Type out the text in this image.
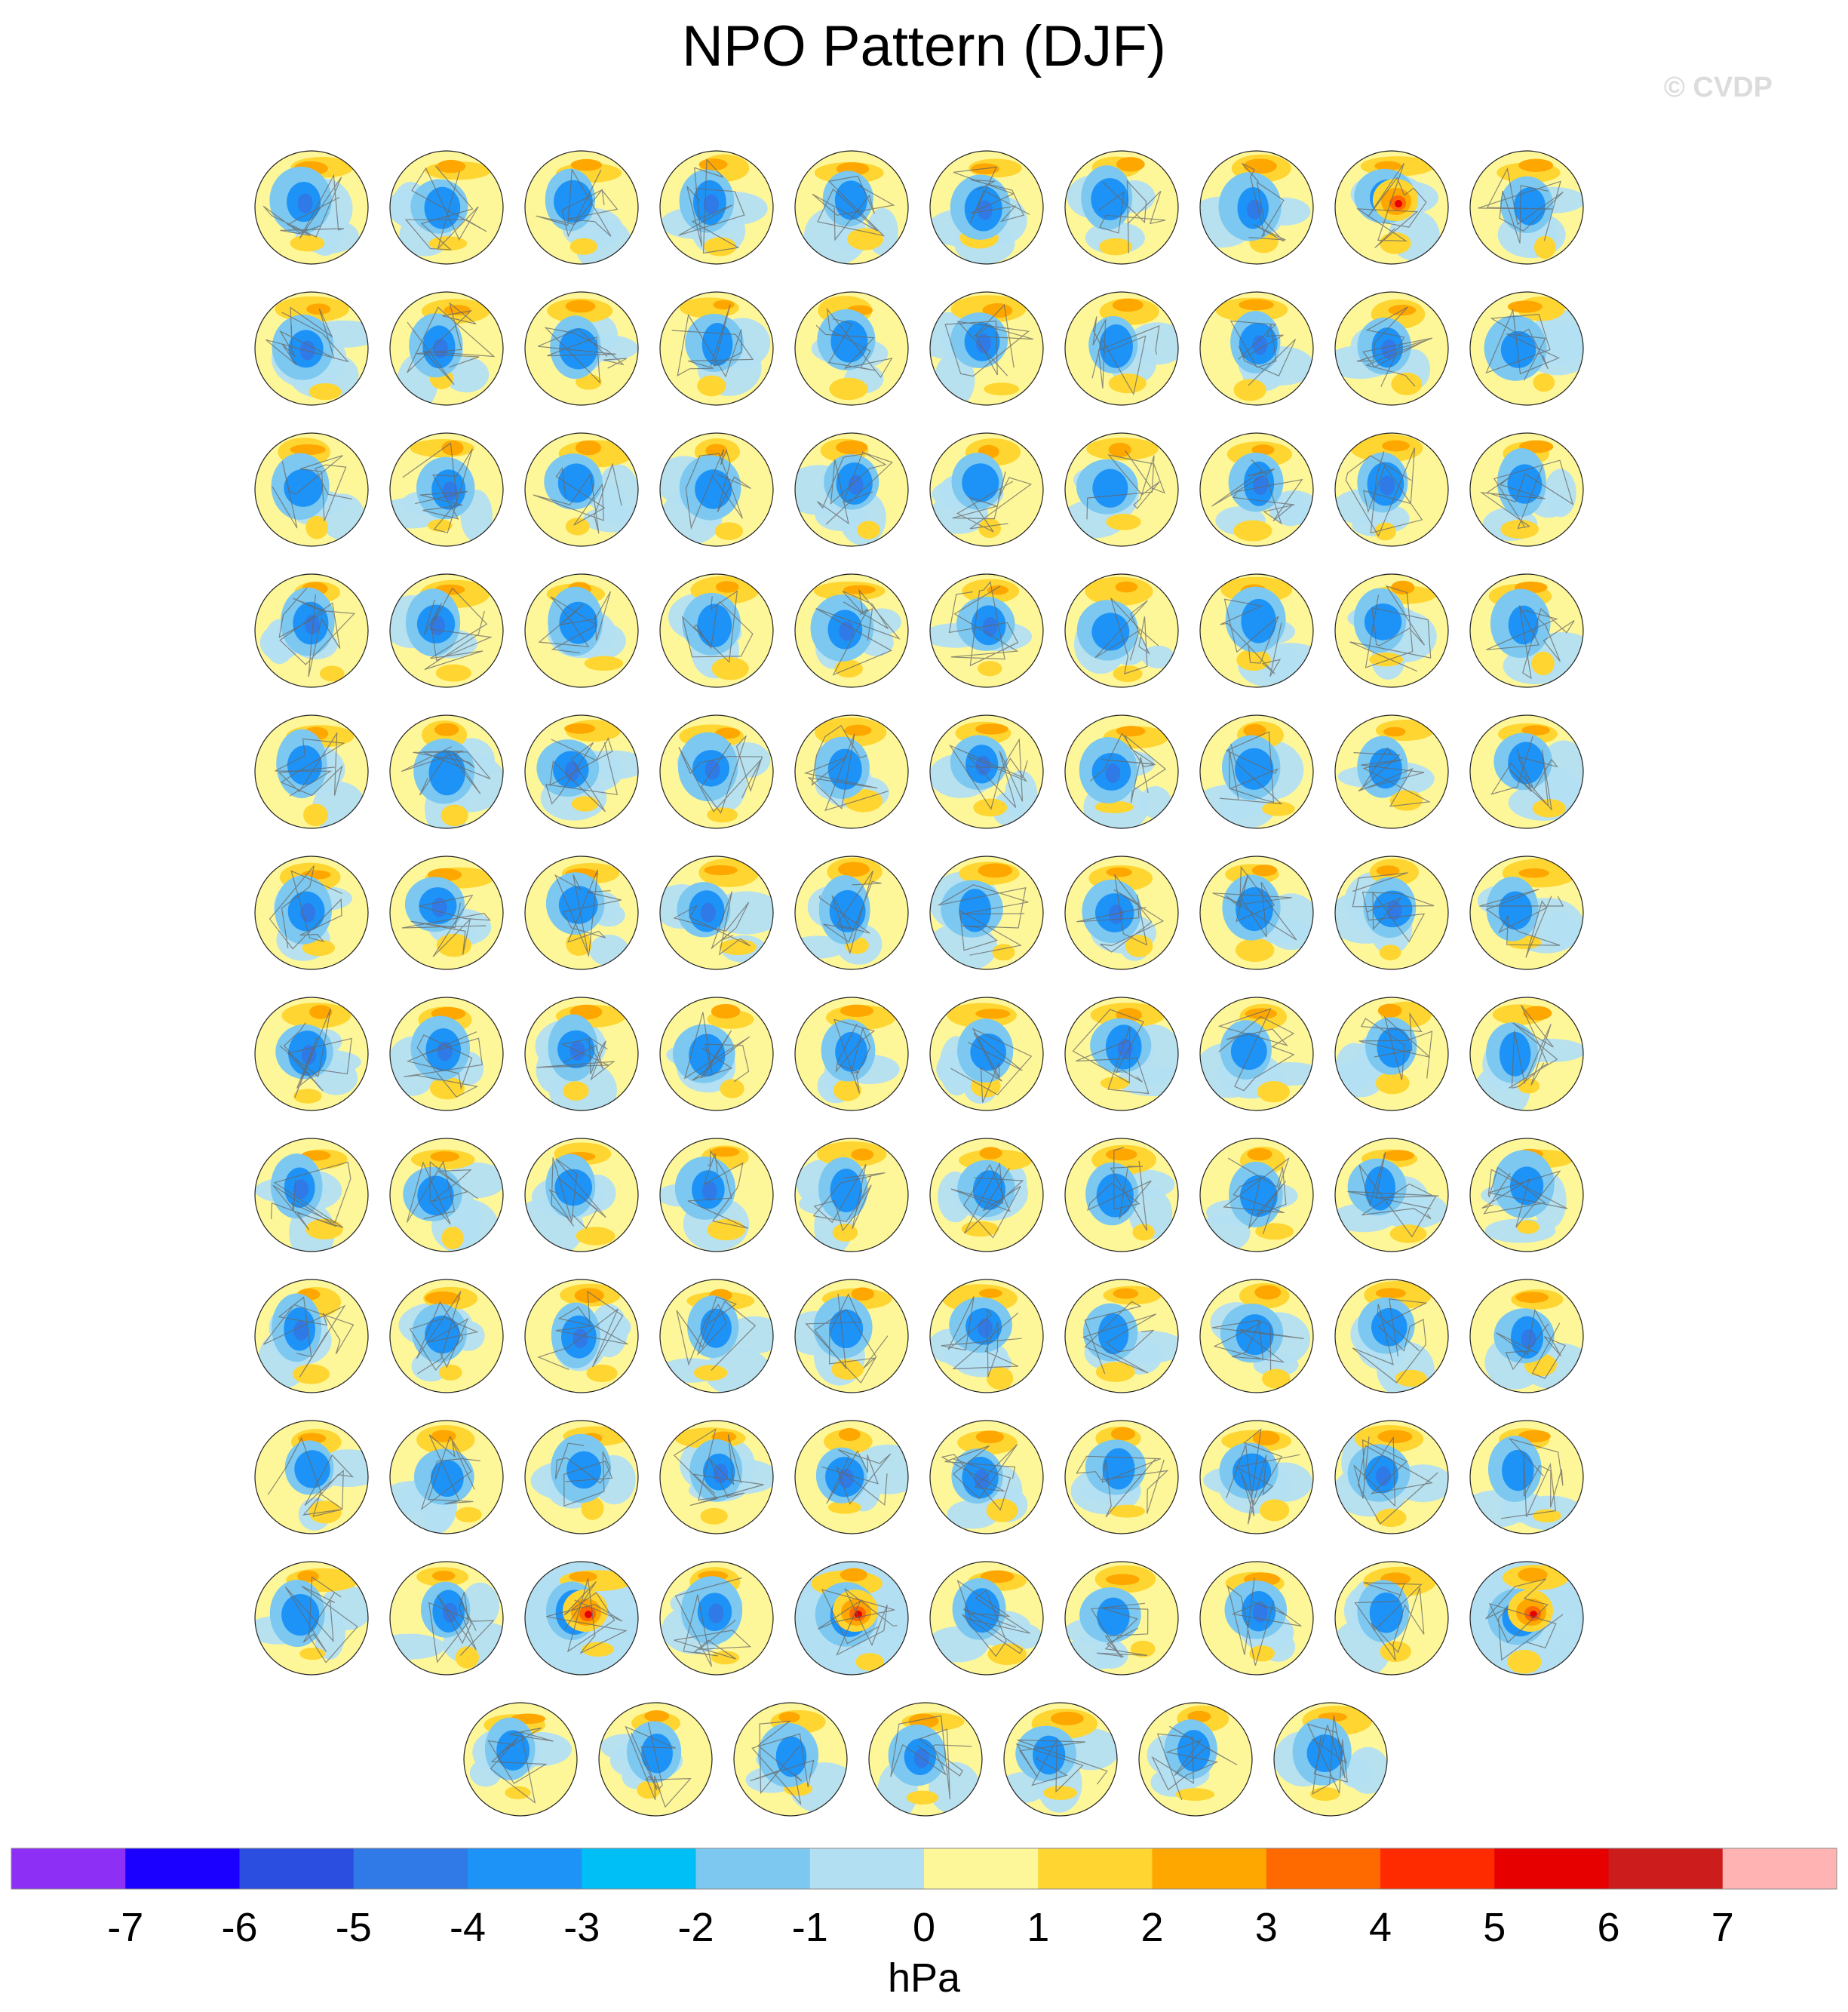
NPO Pattern (DJF)
© CVDP
-7 -6 -5 -4 -3 -2 -1 0 1 2 3 4 5 6 7
hPa
